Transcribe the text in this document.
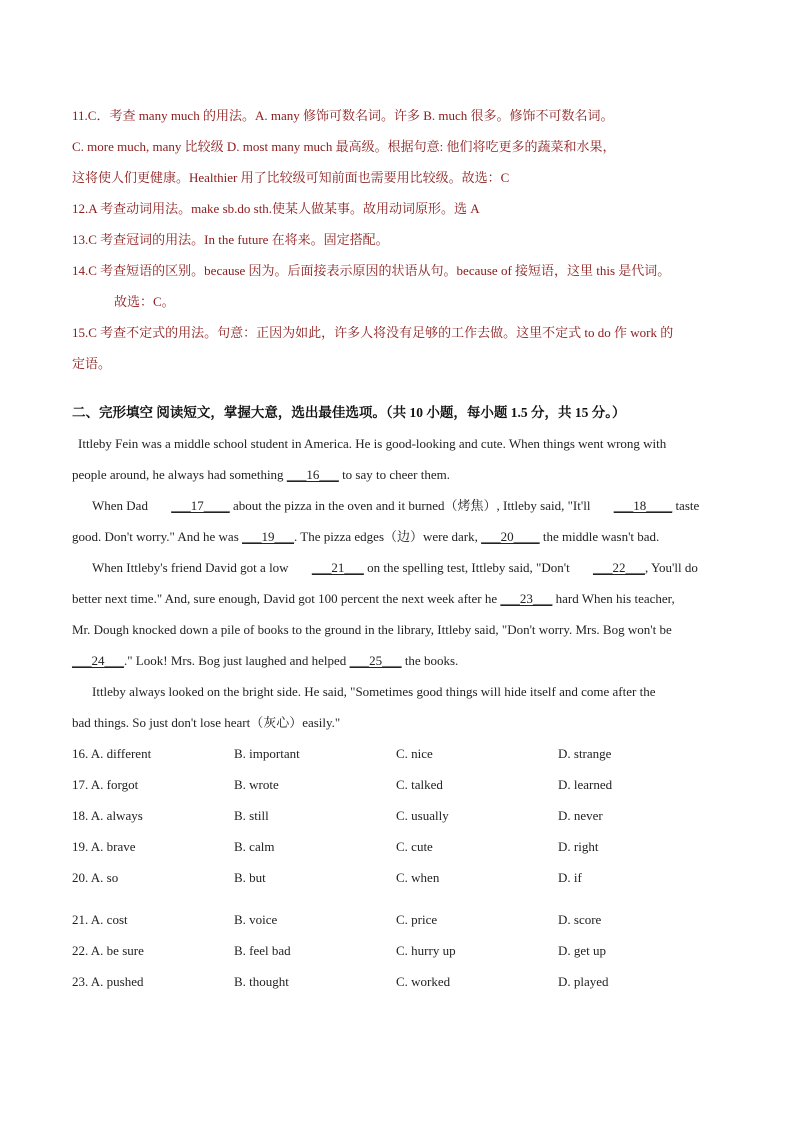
11.C．考查 many much 的用法。A. many 修饰可数名词。许多 B. much 很多。修饰不可数名词。

C. more much, many 比较级 D. most many much 最高级。根据句意: 他们将吃更多的蔬菜和水果，

这将使人们更健康。Healthier 用了比较级可知前面也需要用比较级。故选：C

12.A 考查动词用法。make sb.do sth.使某人做某事。故用动词原形。选 A

13.C 考查冠词的用法。In the future 在将来。固定搭配。

14.C 考查短语的区别。because 因为。后面接表示原因的状语从句。because of 接短语，这里 this 是代词。

故选：C。

15.C 考查不定式的用法。句意：正因为如此，许多人将没有足够的工作去做。这里不定式 to do 作 work 的

定语。

二、完形填空 阅读短文，掌握大意，选出最佳选项。（共 10 小题，每小题 1.5 分，共 15 分。）

Ittleby Fein was a middle school student in America. He is good-looking and cute. When things went wrong with

people around, he always had something ___16___ to say to cheer them.

When Dad ___17____ about the pizza in the oven and it burned（烤焦）, Ittleby said, "It'll ___18____ taste

good. Don't worry." And he was ___19___. The pizza edges（边）were dark, ___20____ the middle wasn't bad.

When Ittleby's friend David got a low ___21___ on the spelling test, Ittleby said, "Don't ___22___, You'll do

better next time." And, sure enough, David got 100 percent the next week after he ___23___ hard When his teacher,

Mr. Dough knocked down a pile of books to the ground in the library, Ittleby said, "Don't worry. Mrs. Bog won't be

___24___." Look! Mrs. Bog just laughed and helped ___25___ the books.

Ittleby always looked on the bright side. He said, "Sometimes good things will hide itself and come after the

bad things. So just don't lose heart（灰心）easily."

16. A. different	B. important	C. nice	D. strange
17. A. forgot	B. wrote	C. talked	D. learned
18. A. always	B. still	C. usually	D. never
19. A. brave	B. calm	C. cute	D. right
20. A. so	B. but	C. when	D. if
21. A. cost	B. voice	C. price	D. score
22. A. be sure	B. feel bad	C. hurry up	D. get up
23. A. pushed	B. thought	C. worked	D. played
